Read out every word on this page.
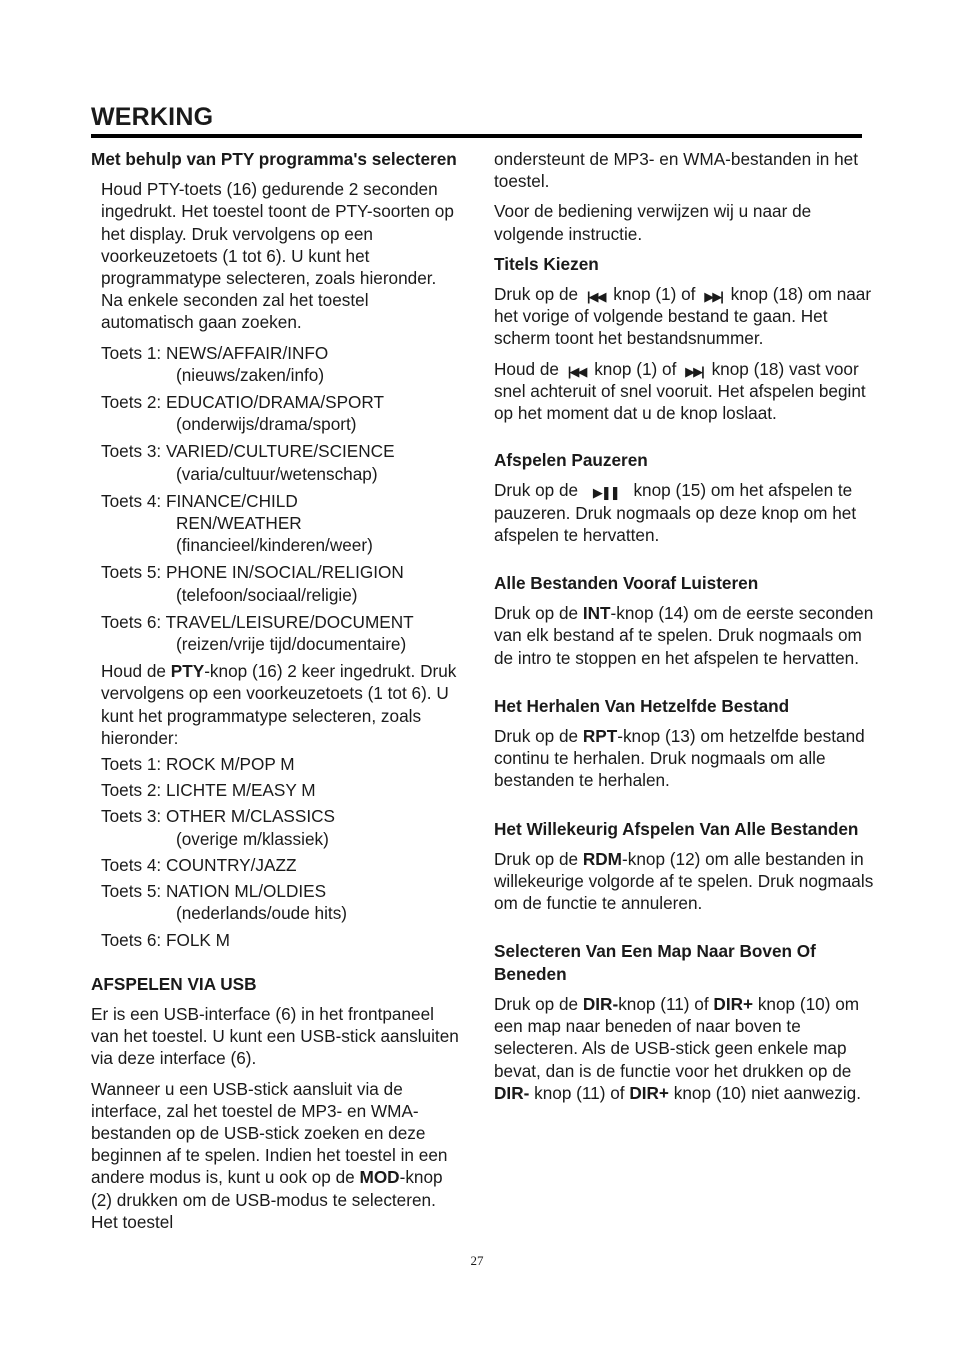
WERKING

Met behulp van PTY programma's selecteren

Houd PTY-toets (16) gedurende 2 seconden ingedrukt. Het toestel toont de PTY-soorten op het display. Druk vervolgens op een voorkeuzetoets (1 tot 6). U kunt het programmatype selecteren, zoals hieronder. Na enkele seconden zal het toestel automatisch gaan zoeken.

Toets 1: NEWS/AFFAIR/INFO
(nieuws/zaken/info)

Toets 2: EDUCATIO/DRAMA/SPORT
(onderwijs/drama/sport)

Toets 3: VARIED/CULTURE/SCIENCE
(varia/cultuur/wetenschap)

Toets 4: FINANCE/CHILD
REN/WEATHER
(financieel/kinderen/weer)

Toets 5: PHONE IN/SOCIAL/RELIGION
(telefoon/sociaal/religie)

Toets 6: TRAVEL/LEISURE/DOCUMENT
(reizen/vrije tijd/documentaire)

Houd de PTY-knop (16) 2 keer ingedrukt. Druk vervolgens op een voorkeuzetoets (1 tot 6). U kunt het programmatype selecteren, zoals hieronder:

Toets 1: ROCK M/POP M

Toets 2: LICHTE M/EASY M

Toets 3: OTHER M/CLASSICS
(overige m/klassiek)

Toets 4: COUNTRY/JAZZ

Toets 5: NATION ML/OLDIES
(nederlands/oude hits)

Toets 6: FOLK M

AFSPELEN VIA USB

Er is een USB-interface (6) in het frontpaneel van het toestel. U kunt een USB-stick aansluiten via deze interface (6).

Wanneer u een USB-stick aansluit via de interface, zal het toestel de MP3- en WMA-bestanden op de USB-stick zoeken en deze beginnen af te spelen. Indien het toestel in een andere modus is, kunt u ook op de MOD-knop (2) drukken om de USB-modus te selecteren. Het toestel

ondersteunt de MP3- en WMA-bestanden in het toestel.

Voor de bediening verwijzen wij u naar de volgende instructie.

Titels Kiezen

Druk op de |◀◀ knop (1) of ▶▶| knop (18) om naar het vorige of volgende bestand te gaan. Het scherm toont het bestandsnummer.

Houd de |◀◀ knop (1) of ▶▶| knop (18) vast voor snel achteruit of snel vooruit. Het afspelen begint op het moment dat u de knop loslaat.

Afspelen Pauzeren

Druk op de ▶❚❚ knop (15) om het afspelen te pauzeren. Druk nogmaals op deze knop om het afspelen te hervatten.

Alle Bestanden Vooraf Luisteren

Druk op de INT-knop (14) om de eerste seconden van elk bestand af te spelen. Druk nogmaals om de intro te stoppen en het afspelen te hervatten.

Het Herhalen Van Hetzelfde Bestand

Druk op de RPT-knop (13) om hetzelfde bestand continu te herhalen. Druk nogmaals om alle bestanden te herhalen.

Het Willekeurig Afspelen Van Alle Bestanden

Druk op de RDM-knop (12) om alle bestanden in willekeurige volgorde af te spelen. Druk nogmaals om de functie te annuleren.

Selecteren Van Een Map Naar Boven Of Beneden

Druk op de DIR-knop (11) of DIR+ knop (10) om een map naar beneden of naar boven te selecteren. Als de USB-stick geen enkele map bevat, dan is de functie voor het drukken op de DIR- knop (11) of DIR+ knop (10) niet aanwezig.

27
